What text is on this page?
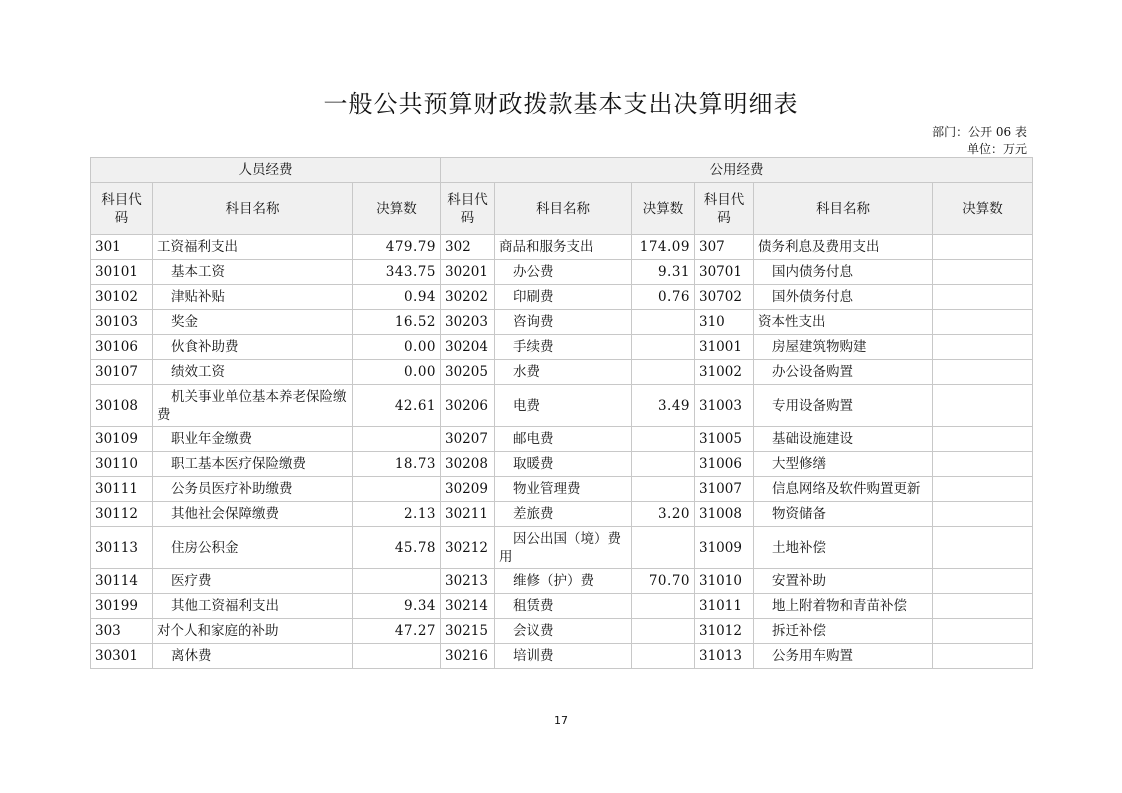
一般公共预算财政拨款基本支出决算明细表
部门：公开 06 表
单位：万元
人员经费			公用经费					
科目代码	科目名称	决算数	科目代码	科目名称	决算数	科目代码	科目名称	决算数
301	工资福利支出	479.79	302	商品和服务支出	174.09	307	债务利息及费用支出	
30101	基本工资	343.75	30201	办公费	9.31	30701	国内债务付息	
30102	津贴补贴	0.94	30202	印刷费	0.76	30702	国外债务付息	
30103	奖金	16.52	30203	咨询费		310	资本性支出	
30106	伙食补助费	0.00	30204	手续费		31001	房屋建筑物购建	
30107	绩效工资	0.00	30205	水费		31002	办公设备购置	
30108	机关事业单位基本养老保险缴费	42.61	30206	电费	3.49	31003	专用设备购置	
30109	职业年金缴费		30207	邮电费		31005	基础设施建设	
30110	职工基本医疗保险缴费	18.73	30208	取暖费		31006	大型修缮	
30111	公务员医疗补助缴费		30209	物业管理费		31007	信息网络及软件购置更新	
30112	其他社会保障缴费	2.13	30211	差旅费	3.20	31008	物资储备	
30113	住房公积金	45.78	30212	因公出国（境）费用		31009	土地补偿	
30114	医疗费		30213	维修（护）费	70.70	31010	安置补助	
30199	其他工资福利支出	9.34	30214	租赁费		31011	地上附着物和青苗补偿	
303	对个人和家庭的补助	47.27	30215	会议费		31012	拆迁补偿	
30301	离休费		30216	培训费		31013	公务用车购置	
17
